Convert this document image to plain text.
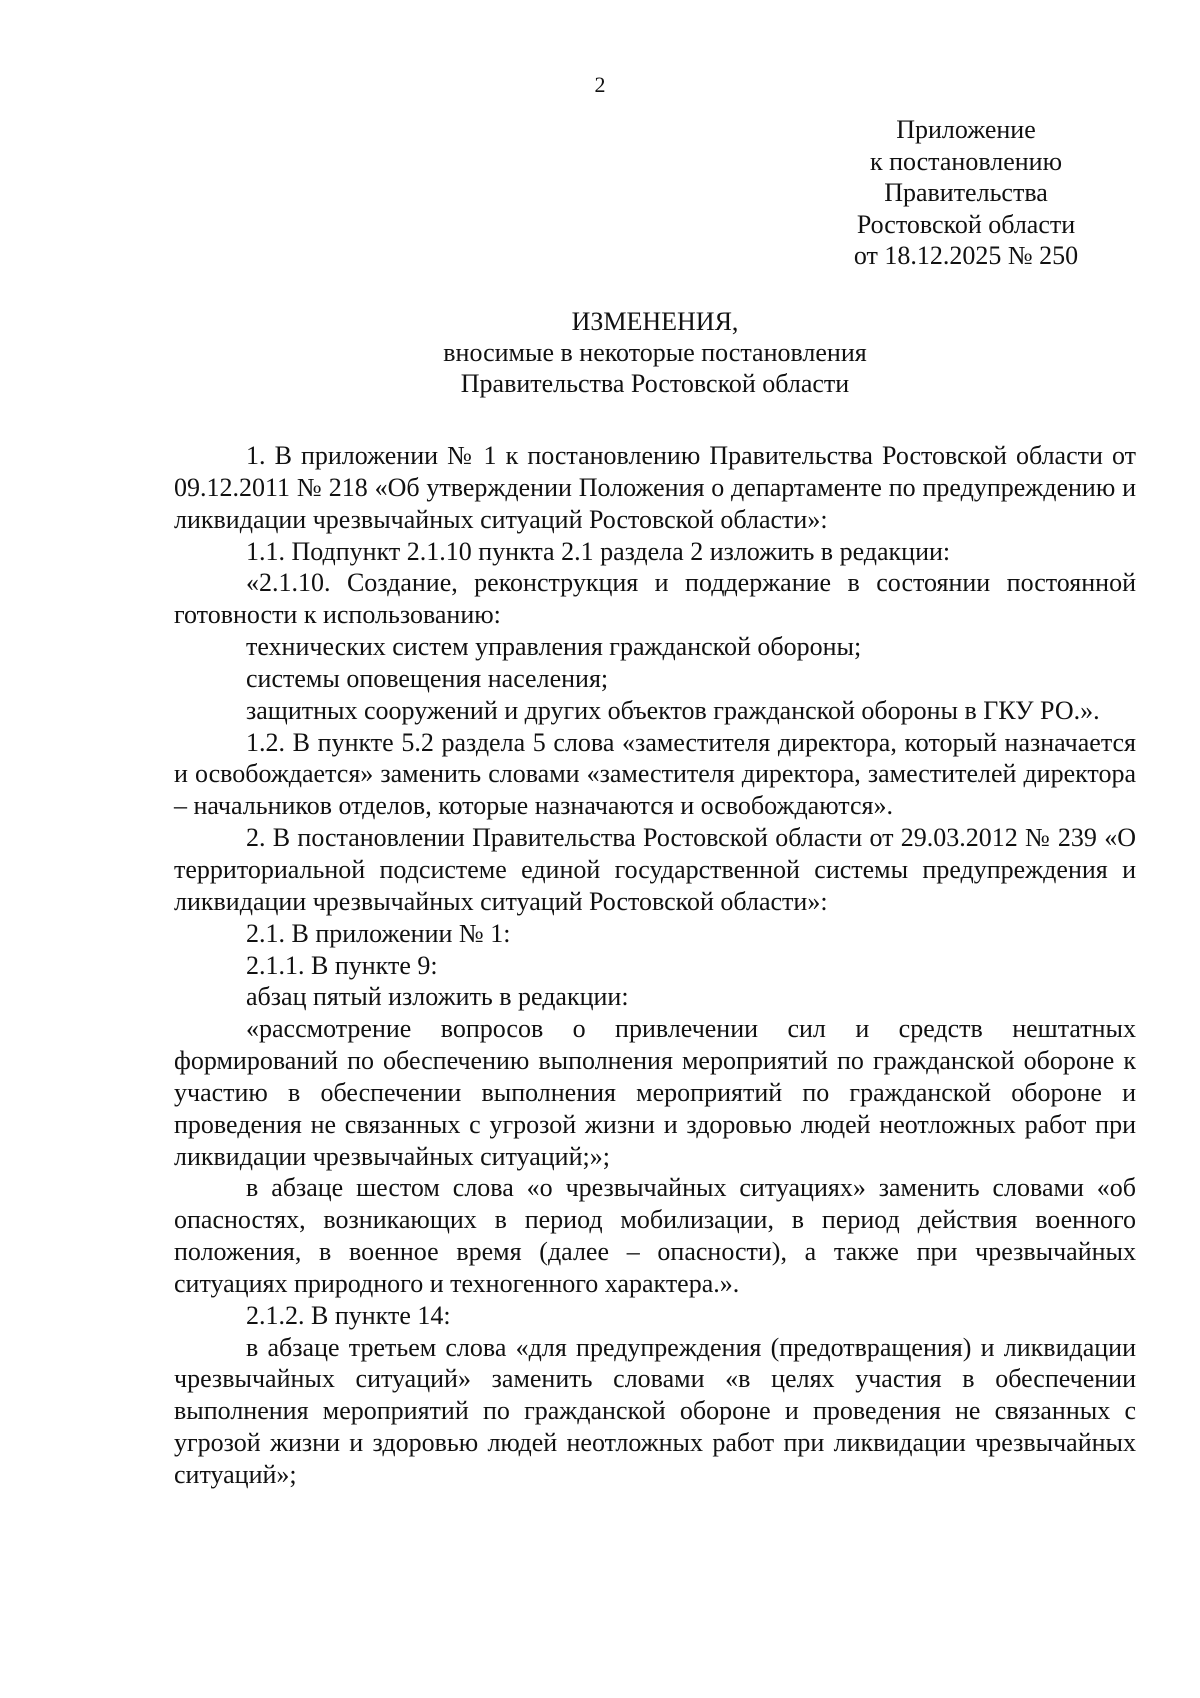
2
Приложение
к постановлению
Правительства
Ростовской области
от 18.12.2025 № 250
ИЗМЕНЕНИЯ,
вносимые в некоторые постановления
Правительства Ростовской области

1. В приложении № 1 к постановлению Правительства Ростовской области от 09.12.2011 № 218 «Об утверждении Положения о департаменте по предупреждению и ликвидации чрезвычайных ситуаций Ростовской области»:

1.1. Подпункт 2.1.10 пункта 2.1 раздела 2 изложить в редакции:

«2.1.10. Создание, реконструкция и поддержание в состоянии постоянной готовности к использованию:

технических систем управления гражданской обороны;

системы оповещения населения;

защитных сооружений и других объектов гражданской обороны в ГКУ РО.».

1.2. В пункте 5.2 раздела 5 слова «заместителя директора, который назначается и освобождается» заменить словами «заместителя директора, заместителей директора – начальников отделов, которые назначаются и освобождаются».

2. В постановлении Правительства Ростовской области от 29.03.2012 № 239 «О территориальной подсистеме единой государственной системы предупреждения и ликвидации чрезвычайных ситуаций Ростовской области»:

2.1. В приложении № 1:

2.1.1. В пункте 9:

абзац пятый изложить в редакции:

«рассмотрение вопросов о привлечении сил и средств нештатных формирований по обеспечению выполнения мероприятий по гражданской обороне к участию в обеспечении выполнения мероприятий по гражданской обороне и проведения не связанных с угрозой жизни и здоровью людей неотложных работ при ликвидации чрезвычайных ситуаций;»;

в абзаце шестом слова «о чрезвычайных ситуациях» заменить словами «об опасностях, возникающих в период мобилизации, в период действия военного положения, в военное время (далее – опасности), а также при чрезвычайных ситуациях природного и техногенного характера.».

2.1.2. В пункте 14:

в абзаце третьем слова «для предупреждения (предотвращения) и ликвидации чрезвычайных ситуаций» заменить словами «в целях участия в обеспечении выполнения мероприятий по гражданской обороне и проведения не связанных с угрозой жизни и здоровью людей неотложных работ при ликвидации чрезвычайных ситуаций»;
